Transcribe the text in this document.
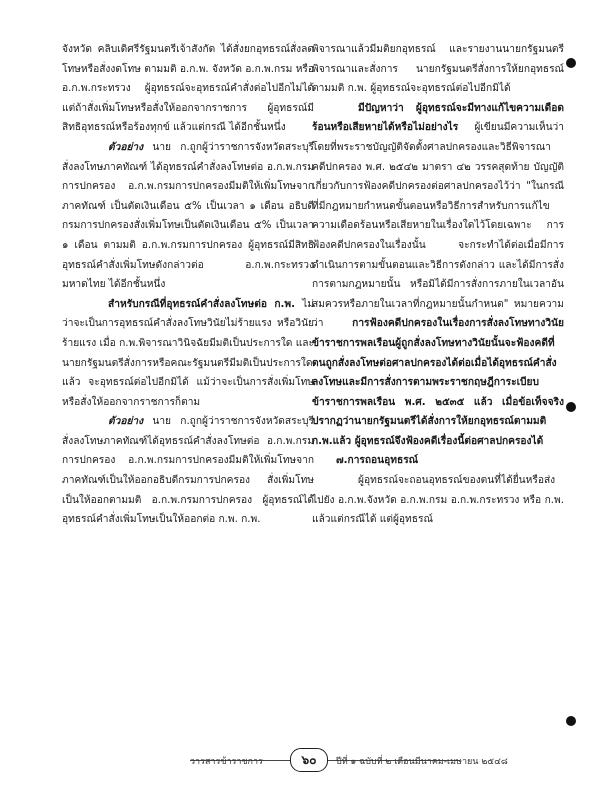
จังหวัด คลิบเดิศรีรัฐมนตรีเจ้าสังกัด ได้สั่งยกอุทธรณ์สั่งลดโทษหรือสั่งงดโทษ ตามมติ อ.ก.พ. จังหวัด อ.ก.พ.กรม หรือ อ.ก.พ.กระทรวง ผู้อุทธรณ์จะอุทธรณ์คำสั่งต่อไปอีกไม่ได้ แต่ถ้าสั่งเพิ่มโทษหรือสั่งให้ออกจากราชการ ผู้อุทธรณ์มีสิทธิอุทธรณ์หรือร้องทุกข์ แล้วแต่กรณี ได้อีกชั้นหนึ่ง

ตัวอย่าง นาย ก.ถูกผู้ว่าราชการจังหวัดสระบุรี สั่งลงโทษภาคทัณฑ์ ได้อุทธรณ์คำสั่งลงโทษต่อ อ.ก.พ.กรมการปกครอง อ.ก.พ.กรมการปกครองมีมติให้เพิ่มโทษจากภาคทัณฑ์ เป็นตัดเงินเดือน ๕% เป็นเวลา ๑ เดือน อธิบดีกรมการปกครองสั่งเพิ่มโทษเป็นตัดเงินเดือน ๕% เป็นเวลา ๑ เดือน ตามมติ อ.ก.พ.กรมการปกครอง ผู้อุทธรณ์มีสิทธิอุทธรณ์คำสั่งเพิ่มโทษดังกล่าวต่อ อ.ก.พ.กระทรวงมหาดไทย ได้อีกชั้นหนึ่ง

สำหรับกรณีที่อุทธรณ์คำสั่งลงโทษต่อ ก.พ. ไม่ว่าจะเป็นการอุทธรณ์คำสั่งลงโทษวินัยไม่ร้ายแรง หรือวินัยร้ายแรง เมื่อ ก.พ.พิจารณาวินิจฉัยมีมติเป็นประการใด และนายกรัฐมนตรีสั่งการหรือคณะรัฐมนตรีมีมติเป็นประการใดแล้ว จะอุทธรณ์ต่อไปอีกมิได้ แม้ว่าจะเป็นการสั่งเพิ่มโทษ หรือสั่งให้ออกจากราชการก็ตาม

ตัวอย่าง นาย ก.ถูกผู้ว่าราชการจังหวัดสระบุรี สั่งลงโทษภาคทัณฑ์ได้อุทธรณ์คำสั่งลงโทษต่อ อ.ก.พ.กรมการปกครอง อ.ก.พ.กรมการปกครองมีมติให้เพิ่มโทษจากภาคทัณฑ์เป็นให้ออกอธิบดีกรมการปกครอง สั่งเพิ่มโทษเป็นให้ออกตามมติ อ.ก.พ.กรมการปกครอง ผู้อุทธรณ์ได้อุทธรณ์คำสั่งเพิ่มโทษเป็นให้ออกต่อ ก.พ. ก.พ.

พิจารณาแล้วมีมติยกอุทธรณ์ และรายงานนายกรัฐมนตรีพิจารณาและสั่งการ นายกรัฐมนตรีสั่งการให้ยกอุทธรณ์ตามมติ ก.พ. ผู้อุทธรณ์จะอุทธรณ์ต่อไปอีกมิได้

มีปัญหาว่า ผู้อุทธรณ์จะมีทางแก้ไขความเดือดร้อนหรือเสียหายได้หรือไม่อย่างไร ผู้เขียนมีความเห็นว่า โดยที่พระราชบัญญัติจัดตั้งศาลปกครองและวิธีพิจารณาคดีปกครอง พ.ศ. ๒๕๔๒ มาตรา ๔๒ วรรคสุดท้าย บัญญัติเกี่ยวกับการฟ้องคดีปกครองต่อศาลปกครองไว้ว่า "ในกรณีที่มีกฎหมายกำหนดขั้นตอนหรือวิธีการสำหรับการแก้ไขความเดือดร้อนหรือเสียหายในเรื่องใดไว้โดยเฉพาะ การฟ้องคดีปกครองในเรื่องนั้น จะกระทำได้ต่อเมื่อมีการดำเนินการตามขั้นตอนและวิธีการดังกล่าว และได้มีการสั่งการตามกฎหมายนั้น หรือมิได้มีการสั่งการภายในเวลาอันสมควรหรือภายในเวลาที่กฎหมายนั้นกำหนด" หมายความว่า การฟ้องคดีปกครองในเรื่องการสั่งลงโทษทางวินัย ข้าราชการพลเรือนผู้ถูกสั่งลงโทษทางวินัยนั้นจะฟ้องคดีที่ตนถูกสั่งลงโทษต่อศาลปกครองได้ต่อเมื่อได้อุทธรณ์คำสั่งลงโทษและมีการสั่งการตามพระราชกฤษฎีการะเบียบข้าราชการพลเรือน พ.ศ. ๒๕๓๕ แล้ว เมื่อข้อเท็จจริงปรากฏว่านายกรัฐมนตรีได้สั่งการให้ยกอุทธรณ์ตามมติ ก.พ.แล้ว ผู้อุทธรณ์จึงฟ้องคดีเรื่องนี้ต่อศาลปกครองได้

๗.การถอนอุทธรณ์

ผู้อุทธรณ์จะถอนอุทธรณ์ของตนที่ได้ยื่นหรือส่งไปยัง อ.ก.พ.จังหวัด อ.ก.พ.กรม อ.ก.พ.กระทรวง หรือ ก.พ. แล้วแต่กรณีได้ แต่ผู้อุทธรณ์

วารสารข้าราชการ	๖๐	ปีที่ ๑ ฉบับที่ ๒ เดือนมีนาคม-เมษายน ๒๕๔๘
